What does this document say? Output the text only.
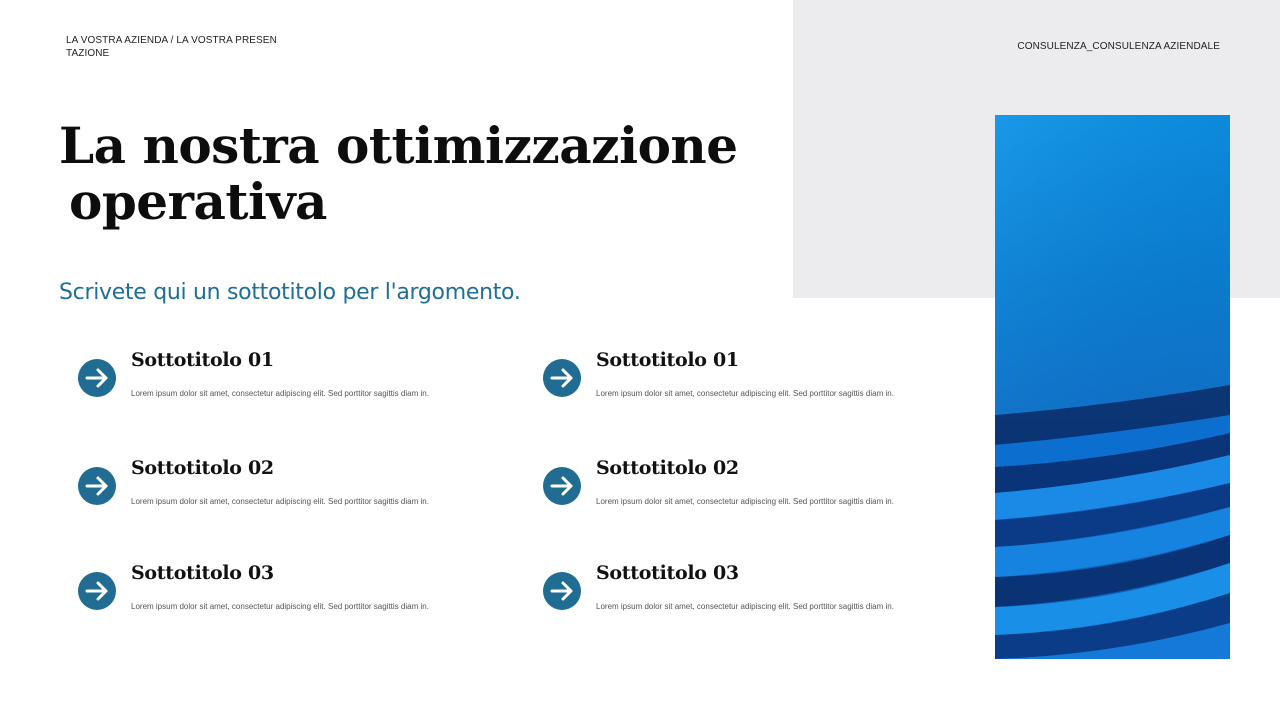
LA VOSTRA AZIENDA / LA VOSTRA PRESENTAZIONE
CONSULENZA_CONSULENZA AZIENDALE
La nostra ottimizzazione
operativa
Scrivete qui un sottotitolo per l'argomento.
Sottotitolo 01
Lorem ipsum dolor sit amet, consectetur adipiscing elit. Sed porttitor sagittis diam in.
Sottotitolo 01
Lorem ipsum dolor sit amet, consectetur adipiscing elit. Sed porttitor sagittis diam in.
Sottotitolo 02
Lorem ipsum dolor sit amet, consectetur adipiscing elit. Sed porttitor sagittis diam in.
Sottotitolo 02
Lorem ipsum dolor sit amet, consectetur adipiscing elit. Sed porttitor sagittis diam in.
Sottotitolo 03
Lorem ipsum dolor sit amet, consectetur adipiscing elit. Sed porttitor sagittis diam in.
Sottotitolo 03
Lorem ipsum dolor sit amet, consectetur adipiscing elit. Sed porttitor sagittis diam in.
